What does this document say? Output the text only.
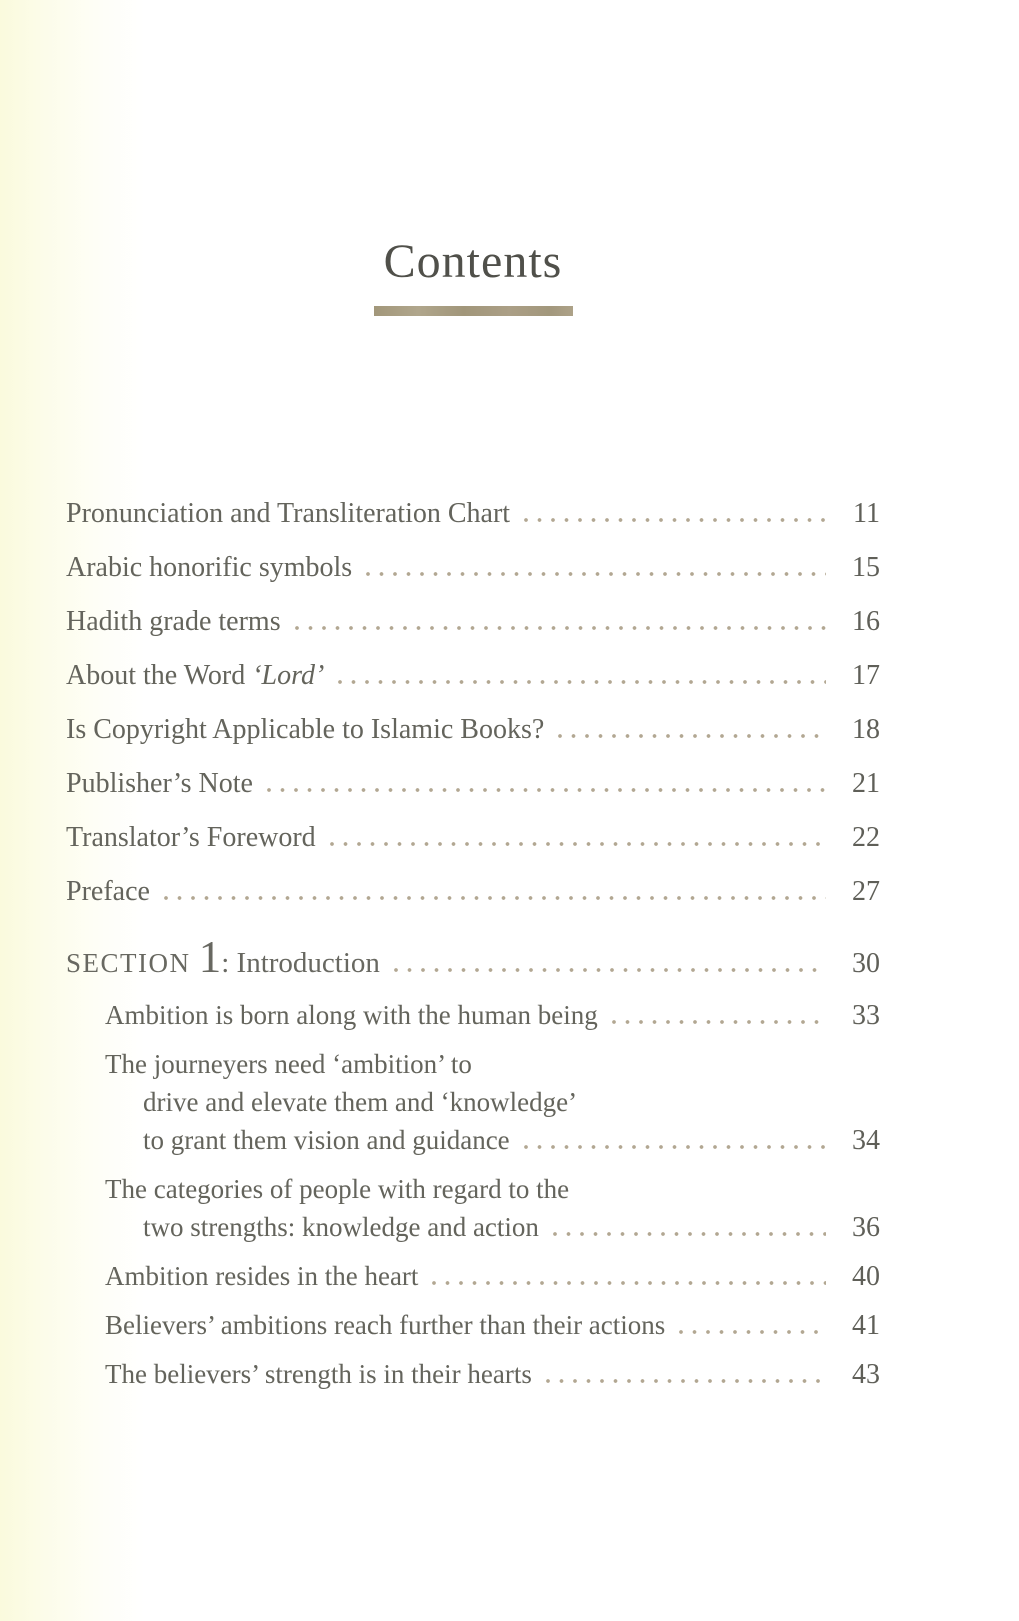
Contents
Pronunciation and Transliteration Chart	11
Arabic honorific symbols	15
Hadith grade terms	16
About the Word ‘Lord’	17
Is Copyright Applicable to Islamic Books?	18
Publisher’s Note	21
Translator’s Foreword	22
Preface	27
SECTION 1: Introduction	30
Ambition is born along with the human being	33
The journeyers need ‘ambition’ to
drive and elevate them and ‘knowledge’
to grant them vision and guidance	34
The categories of people with regard to the
two strengths: knowledge and action	36
Ambition resides in the heart	40
Believers’ ambitions reach further than their actions	41
The believers’ strength is in their hearts	43
